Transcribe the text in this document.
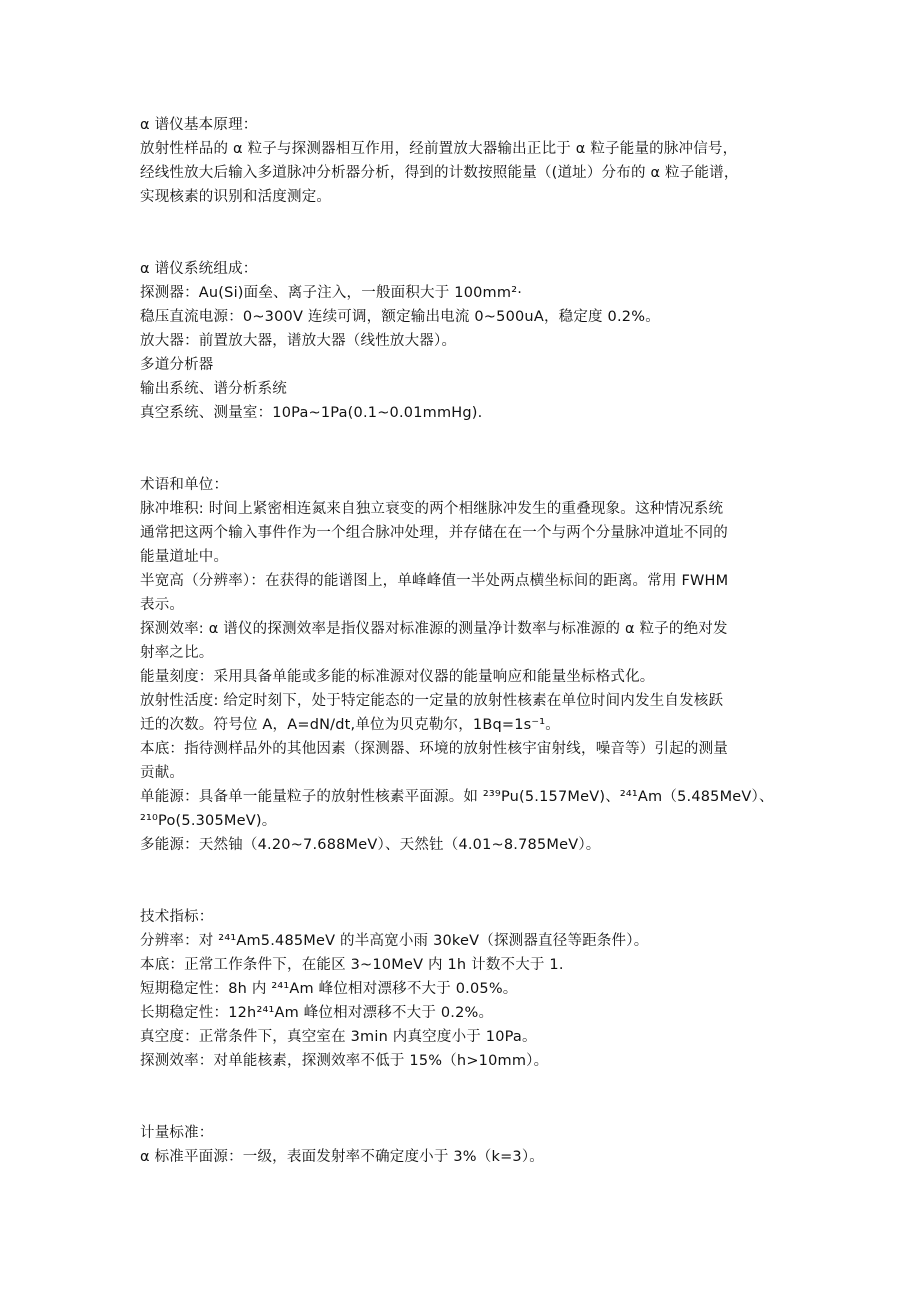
α 谱仪基本原理：
放射性样品的 α 粒子与探测器相互作用，经前置放大器输出正比于 α 粒子能量的脉冲信号，
经线性放大后输入多道脉冲分析器分析，得到的计数按照能量（(道址）分布的 α 粒子能谱，
实现核素的识别和活度测定。
α 谱仪系统组成：
探测器：Au(Si)面垒、离子注入，一般面积大于 100mm²·
稳压直流电源：0~300V 连续可调，额定输出电流 0~500uA，稳定度 0.2%。
放大器：前置放大器，谱放大器（线性放大器）。
多道分析器
输出系统、谱分析系统
真空系统、测量室：10Pa~1Pa(0.1~0.01mmHg).
术语和单位：
脉冲堆积: 时间上紧密相连氮来自独立衰变的两个相继脉冲发生的重叠现象。这种情况系统
通常把这两个输入事件作为一个组合脉冲处理，并存储在在一个与两个分量脉冲道址不同的
能量道址中。
半宽高（分辨率）：在获得的能谱图上，单峰峰值一半处两点横坐标间的距离。常用 FWHM
表示。
探测效率: α 谱仪的探测效率是指仪器对标准源的测量净计数率与标准源的 α 粒子的绝对发
射率之比。
能量刻度：采用具备单能或多能的标准源对仪器的能量响应和能量坐标格式化。
放射性活度: 给定时刻下，处于特定能态的一定量的放射性核素在单位时间内发生自发核跃
迁的次数。符号位 A，A=dN/dt,单位为贝克勒尔，1Bq=1s⁻¹。
本底：指待测样品外的其他因素（探测器、环境的放射性核宇宙射线，噪音等）引起的测量
贡献。
单能源：具备单一能量粒子的放射性核素平面源。如 ²³⁹Pu(5.157MeV)、²⁴¹Am（5.485MeV）、
²¹⁰Po(5.305MeV)。
多能源：天然铀（4.20~7.688MeV）、天然钍（4.01~8.785MeV）。
技术指标：
分辨率：对 ²⁴¹Am5.485MeV 的半高宽小雨 30keV（探测器直径等距条件）。
本底：正常工作条件下，在能区 3~10MeV 内 1h 计数不大于 1.
短期稳定性：8h 内 ²⁴¹Am 峰位相对漂移不大于 0.05%。
长期稳定性：12h²⁴¹Am 峰位相对漂移不大于 0.2%。
真空度：正常条件下，真空室在 3min 内真空度小于 10Pa。
探测效率：对单能核素，探测效率不低于 15%（h>10mm）。
计量标准：
α 标准平面源：一级，表面发射率不确定度小于 3%（k=3）。
